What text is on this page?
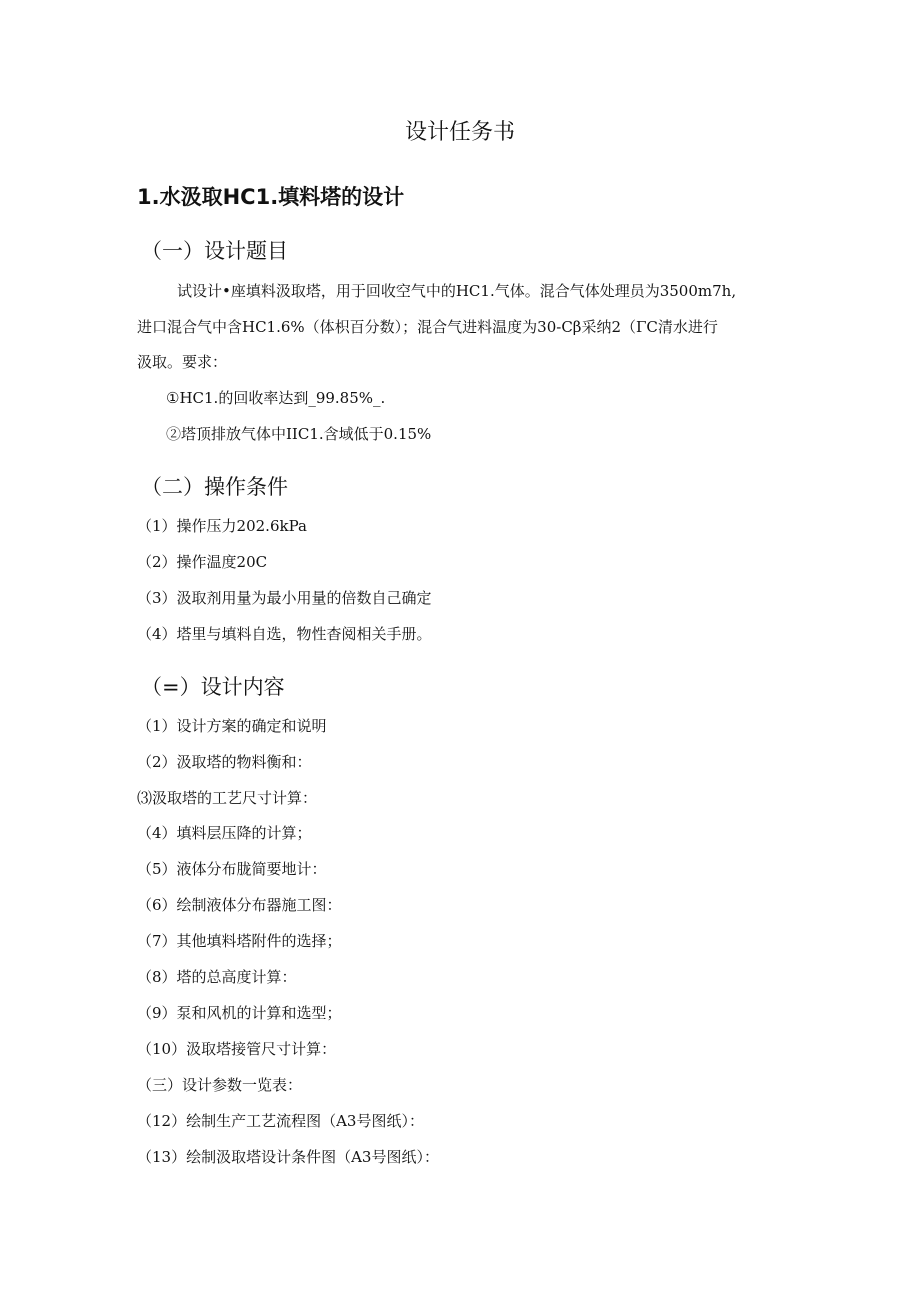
设计任务书
1.水汲取HC1.填料塔的设计
（一）设计题目
试设计•座填料汲取塔，用于回收空气中的HC1.气体。混合气体处理员为3500m7h,
进口混合气中含HC1.6%（体枳百分数）；混合气进料温度为30-Cβ采纳2（ΓC清水进行
汲取。要求：
①HC1.的回收率达到_99.85%_.
②塔顶排放气体中IIC1.含域低于0.15%
（二）操作条件
（1）操作压力202.6kPa
（2）操作温度20C
（3）汲取剂用量为最小用量的倍数自己确定
（4）塔里与填料自选，物性杳阅相关手册。
（=）设计内容
（1）设计方案的确定和说明
（2）汲取塔的物料衡和：
⑶汲取塔的工艺尺寸计算：
（4）填料层压降的计算；
（5）液体分布胧简要地计：
（6）绘制液体分布器施工图：
（7）其他填料塔附件的选择；
（8）塔的总高度计算：
（9）泵和风机的计算和选型；
（10）汲取塔接管尺寸计算：
（三）设计参数一览表：
（12）绘制生产工艺流程图（A3号图纸）：
（13）绘制汲取塔设计条件图（A3号图纸）：
